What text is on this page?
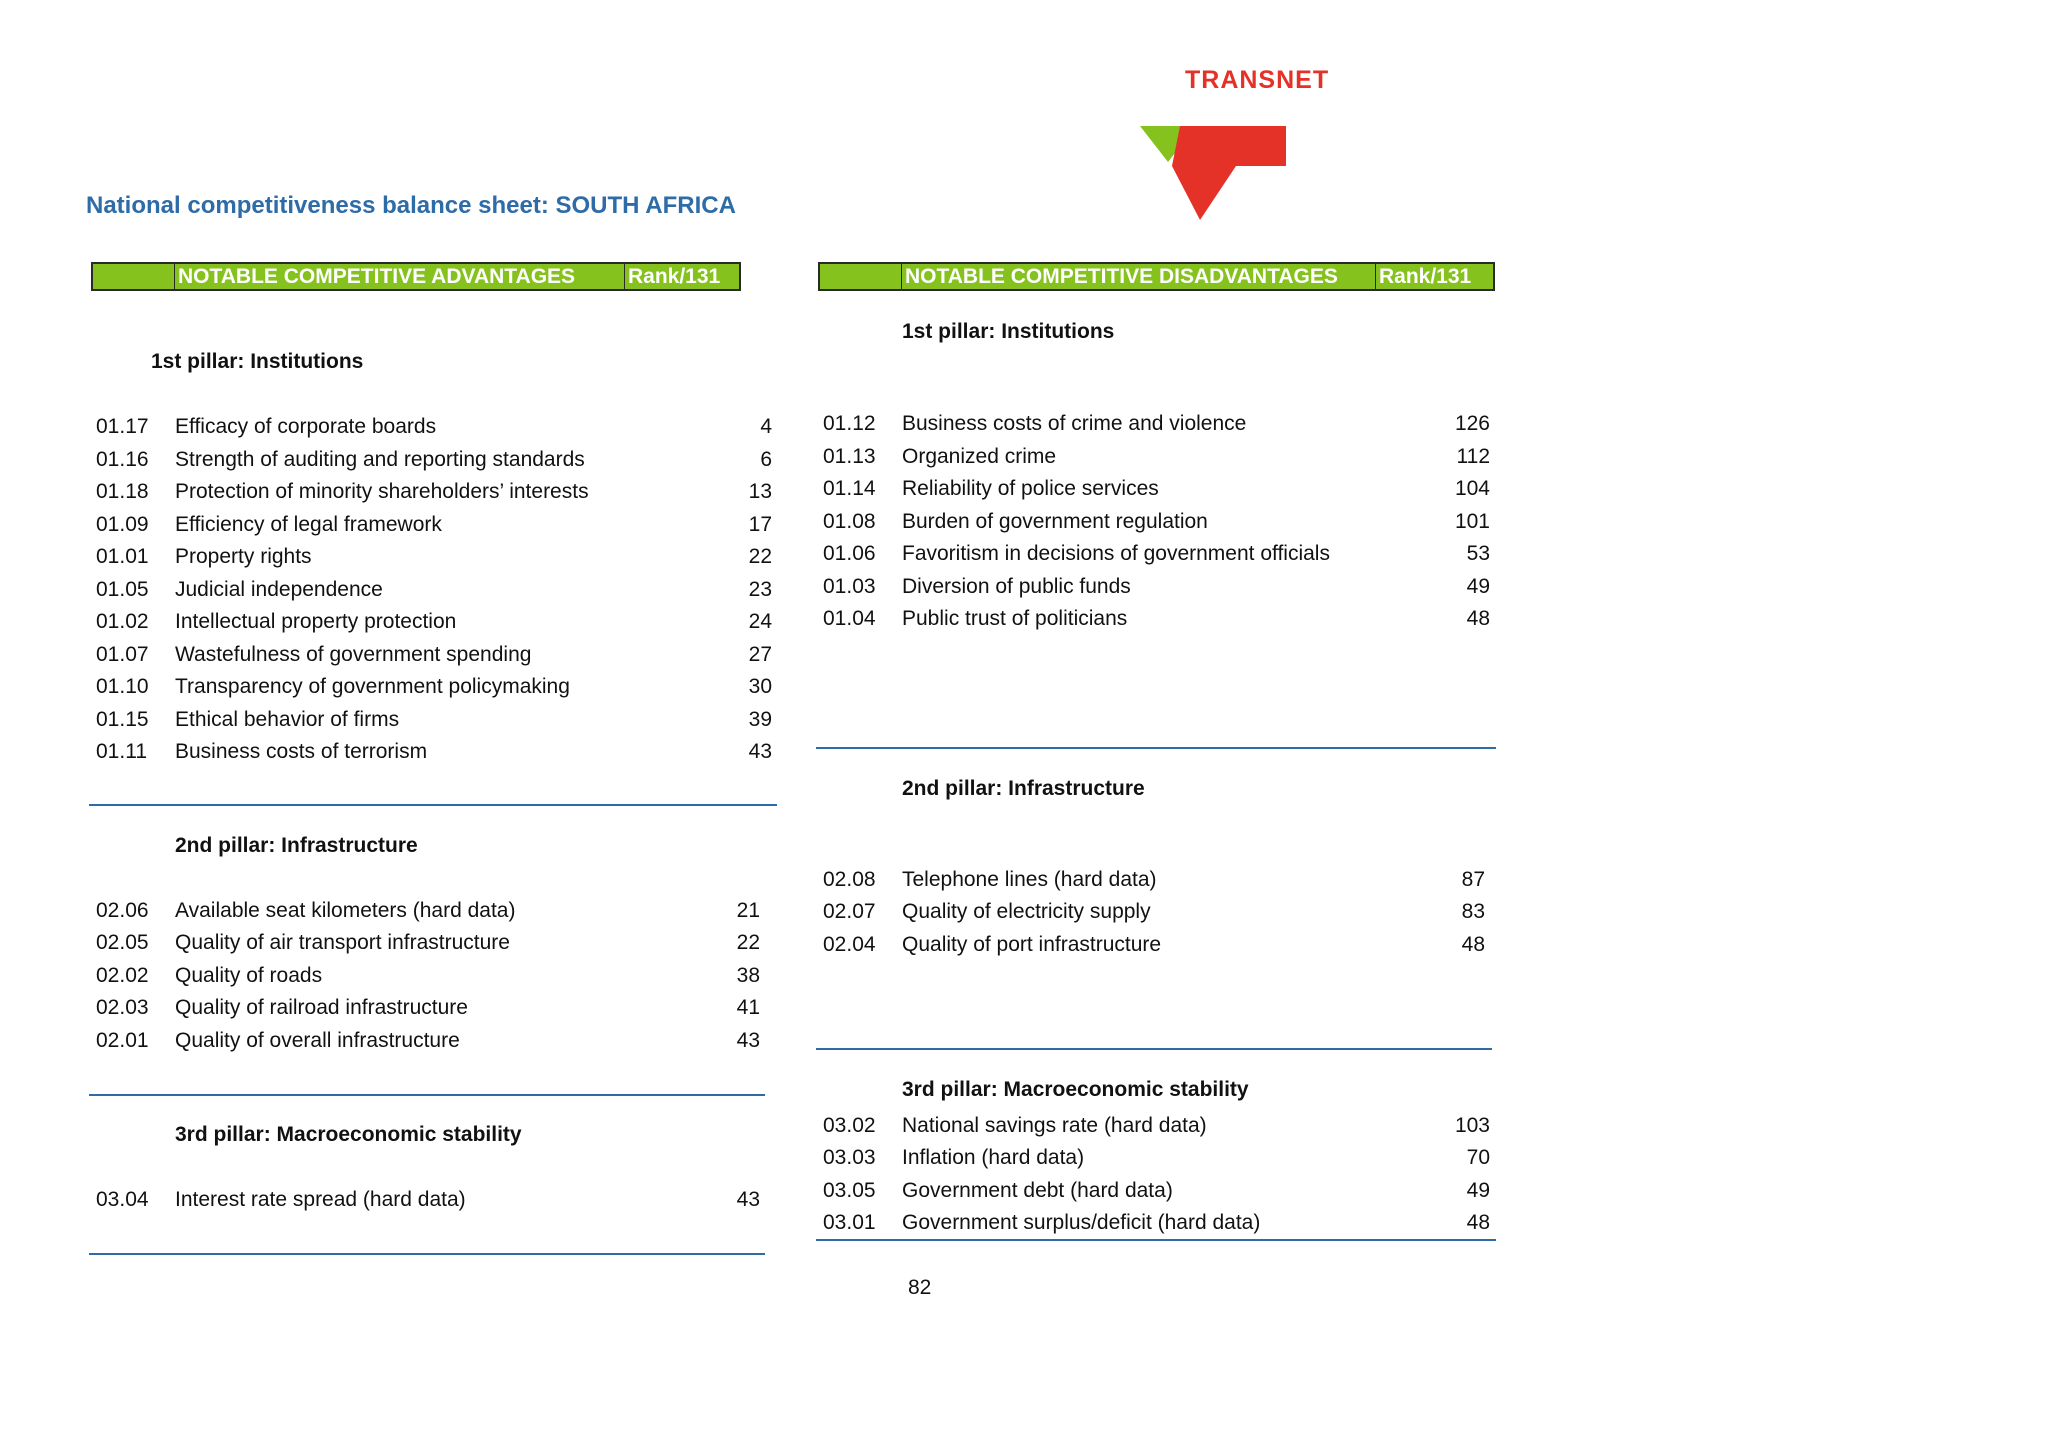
TRANSNET
National competitiveness balance sheet: SOUTH AFRICA
NOTABLE COMPETITIVE ADVANTAGES	Rank/131	NOTABLE COMPETITIVE DISADVANTAGES	Rank/131
1st pillar: Institutions
01.17 Efficacy of corporate boards	4
01.16 Strength of auditing and reporting standards	6
01.18 Protection of minority shareholders’ interests	13
01.09 Efficiency of legal framework	17
01.01 Property rights	22
01.05 Judicial independence	23
01.02 Intellectual property protection	24
01.07 Wastefulness of government spending	27
01.10 Transparency of government policymaking	30
01.15 Ethical behavior of firms	39
01.11 Business costs of terrorism	43
2nd pillar: Infrastructure
02.06 Available seat kilometers (hard data)	21
02.05 Quality of air transport infrastructure	22
02.02 Quality of roads	38
02.03 Quality of railroad infrastructure	41
02.01 Quality of overall infrastructure	43
3rd pillar: Macroeconomic stability
03.04 Interest rate spread (hard data)	43
1st pillar: Institutions
01.12 Business costs of crime and violence	126
01.13 Organized crime	112
01.14 Reliability of police services	104
01.08 Burden of government regulation	101
01.06 Favoritism in decisions of government officials	53
01.03 Diversion of public funds	49
01.04 Public trust of politicians	48
2nd pillar: Infrastructure
02.08 Telephone lines (hard data)	87
02.07 Quality of electricity supply	83
02.04 Quality of port infrastructure	48
3rd pillar: Macroeconomic stability
03.02 National savings rate (hard data)	103
03.03 Inflation (hard data)	70
03.05 Government debt (hard data)	49
03.01 Government surplus/deficit (hard data)	48
82
